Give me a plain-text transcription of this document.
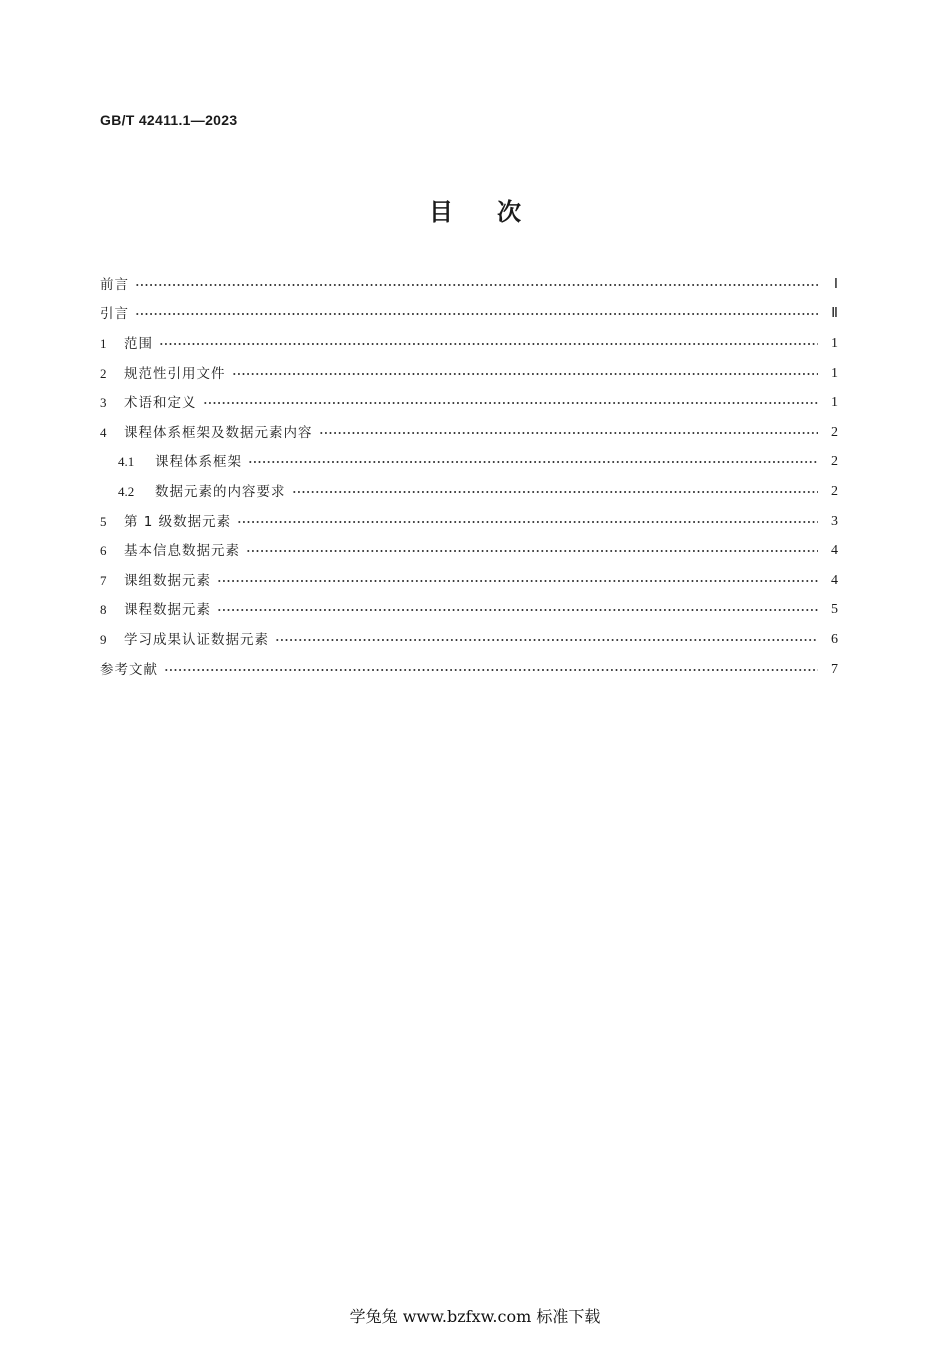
GB/T 42411.1—2023
目次
前言	Ⅰ
引言	Ⅱ
1	范围	1
2	规范性引用文件	1
3	术语和定义	1
4	课程体系框架及数据元素内容	2
4.1	课程体系框架	2
4.2	数据元素的内容要求	2
5	第 1 级数据元素	3
6	基本信息数据元素	4
7	课组数据元素	4
8	课程数据元素	5
9	学习成果认证数据元素	6
参考文献	7
学兔兔 www.bzfxw.com 标准下载
